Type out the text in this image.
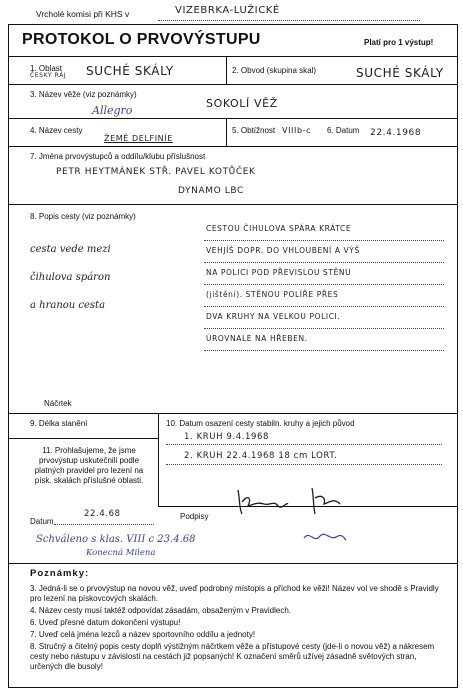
Vrcholé komisi při KHS v	VIZEBRKA-LUŽICKÉ
PROTOKOL O PRVOVÝSTUPU	Platí pro 1 výstup!
1. Oblast
ČESKÝ RÁJ SUCHÉ SKÁLY	2. Obvod (skupina skal)	SUCHÉ SKÁLY
3. Název věže (viz poznámky)
Allegro
SOKOLÍ VĚŽ
4. Název cesty
ŽEMĚ DELFINÍE
5. Obtížnost VIIIb-c 6. Datum 22.4.1968
7. Jména prvovýstupců a oddílu/klubu příslušnost
PETR HEYTMÁNEK STŘ. PAVEL KOTŮČEK
DYNAMO LBC
8. Popis cesty (viz poznámky)
cesta vede mezi
čihulova spáron
a hranou cesta
CESTOU ČIHULOVA SPÁRA KRÁTCE
VEHJÍŠ DOPR. DO VHLOUBENÍ A VÝŠ
NA POLICI POD PŘEVISLOU STĚNU
(jištění). STĚNOU POLÍŘE PŘES
DVA KRUHY NA VELKOU POLICI.
ÚROVNALE NA HŘEBEN.
Náčrtek
9. Délka slanění	10. Datum osazení cesty stabiln. kruhy a jejich původ
1. KRUH 9.4.1968
2. KRUH 22.4.1968 18 cm LORT.
11. Prohlašujeme, že jsme prvovýstup uskutečnili podle platných pravidel pro lezení na písk. skalách příslušné oblasti.
Datum
22.4.68	Podpisy
Schváleno s klas. VIII c 23.4.68
Konecná Milena
Poznámky:
3. Jedná-li se o prvovýstup na novou věž, uveď podrobný místopis a příchod ke věži! Název vol ve shodě s Pravidly pro lezení na pískovcových skalách.
4. Název cesty musí taktéž odpovídat zásadám, obsaženým v Pravidlech.
6. Uveď přesné datum dokončení výstupu!
7. Uveď celá jména lezců a název sportovního oddílu a jednoty!
8. Stručný a čitelný popis cesty doplň výstižným náčrtkem věže a přístupové cesty (jde-li o novou věž) a nákresem cesty nebo nástupu v závislosti na cestách již popsaných! K označení směrů užívej zásadně světových stran, určených dle busoly!
